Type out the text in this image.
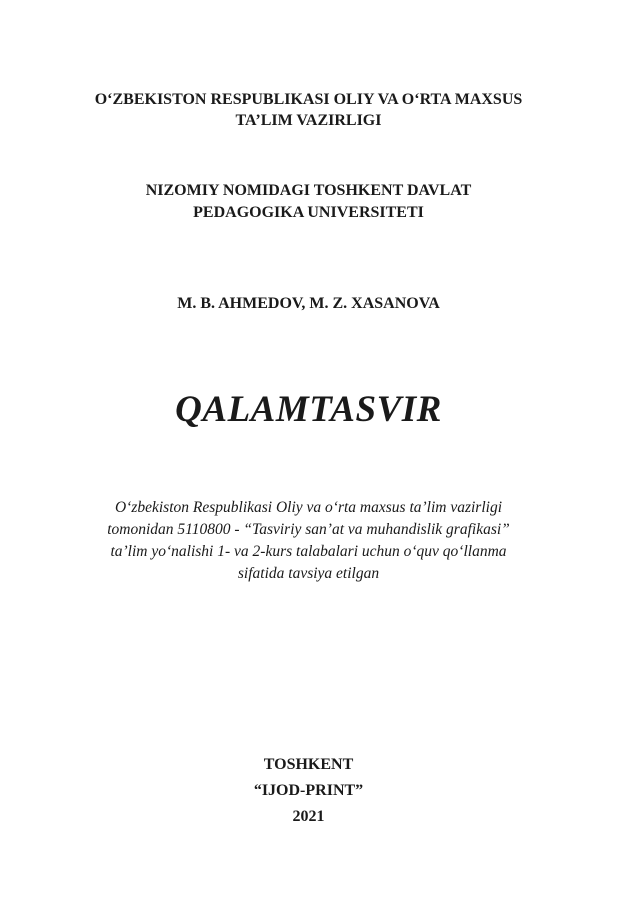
O‘ZBEKISTON RESPUBLIKASI OLIY VA O‘RTA MAXSUS
TA’LIM VAZIRLIGI
NIZOMIY NOMIDAGI TOSHKENT DAVLAT
PEDAGOGIKA UNIVERSITETI
M. B. AHMEDOV, M. Z. XASANOVA
QALAMTASVIR
O‘zbekiston Respublikasi Oliy va o‘rta maxsus ta’lim vazirligi
tomonidan 5110800 - “Tasviriy san’at va muhandislik grafikasi”
ta’lim yo‘nalishi 1- va 2-kurs talabalari uchun o‘quv qo‘llanma
sifatida tavsiya etilgan
TOSHKENT
“IJOD-PRINT”
2021
